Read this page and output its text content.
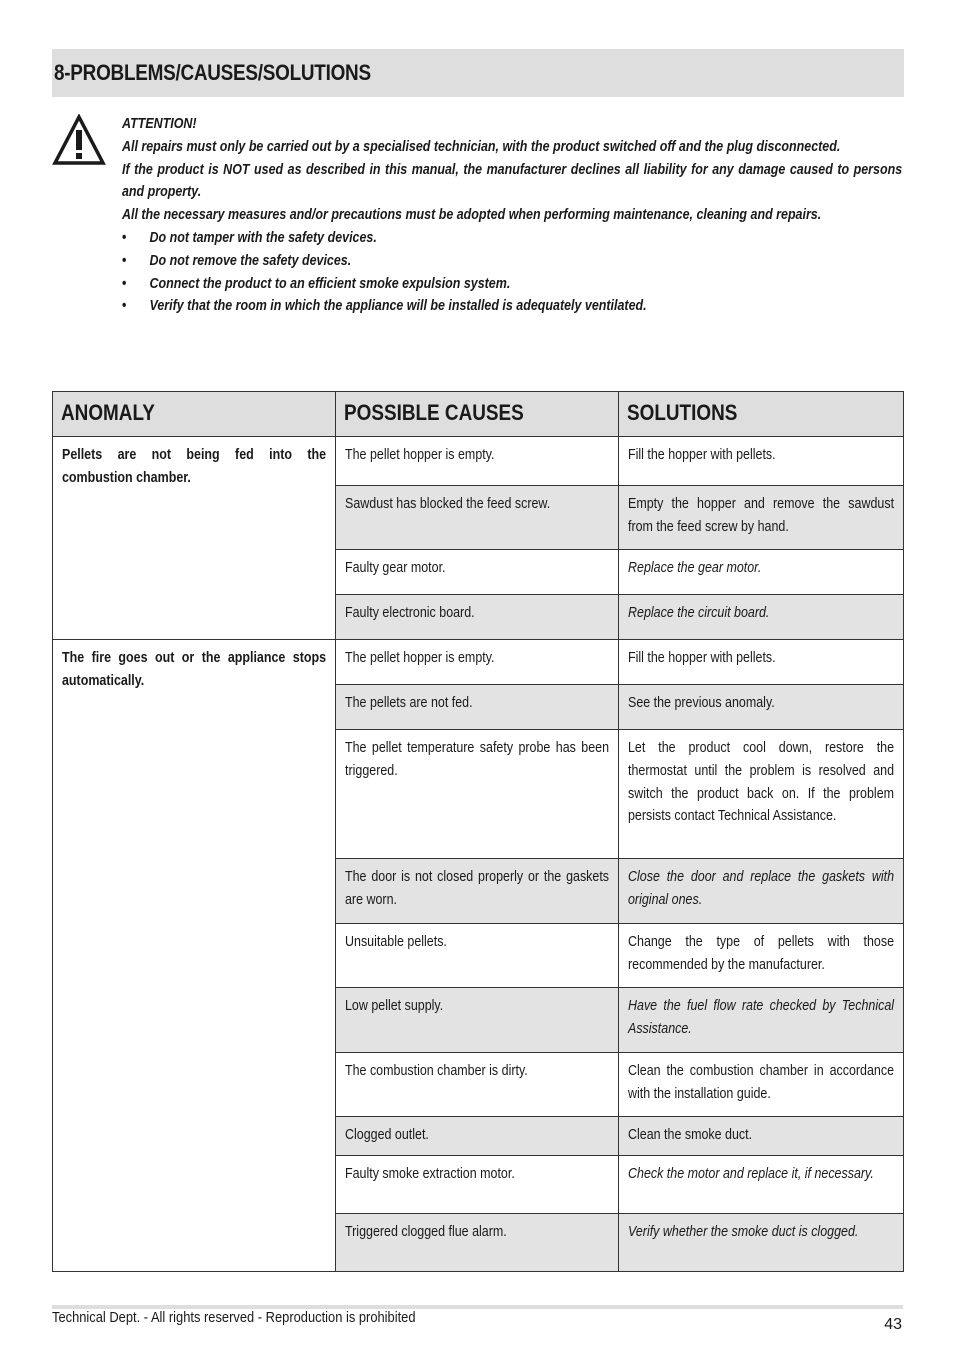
8-PROBLEMS/CAUSES/SOLUTIONS

ATTENTION!

All repairs must only be carried out by a specialised technician, with the product switched off and the plug disconnected.

If the product is NOT used as described in this manual, the manufacturer declines all liability for any damage caused to persons and property.

All the necessary measures and/or precautions must be adopted when performing maintenance, cleaning and repairs.

• Do not tamper with the safety devices.
• Do not remove the safety devices.
• Connect the product to an efficient smoke expulsion system.
• Verify that the room in which the appliance will be installed is adequately ventilated.
ANOMALY	POSSIBLE CAUSES	SOLUTIONS

Pellets are not being fed into the combustion chamber.	The pellet hopper is empty.	Fill the hopper with pellets.

	Sawdust has blocked the feed screw.	Empty the hopper and remove the sawdust from the feed screw by hand.

	Faulty gear motor.	Replace the gear motor.

	Faulty electronic board.	Replace the circuit board.

The fire goes out or the appliance stops automatically.	The pellet hopper is empty.	Fill the hopper with pellets.

	The pellets are not fed.	See the previous anomaly.

	The pellet temperature safety probe has been triggered.	Let the product cool down, restore the thermostat until the problem is resolved and switch the product back on. If the problem persists contact Technical Assistance.

	The door is not closed properly or the gaskets are worn.	Close the door and replace the gaskets with original ones.

	Unsuitable pellets.	Change the type of pellets with those recommended by the manufacturer.

	Low pellet supply.	Have the fuel flow rate checked by Technical Assistance.

	The combustion chamber is dirty.	Clean the combustion chamber in accordance with the installation guide.

	Clogged outlet.	Clean the smoke duct.

	Faulty smoke extraction motor.	Check the motor and replace it, if necessary.

	Triggered clogged flue alarm.	Verify whether the smoke duct is clogged.
Technical Dept. - All rights reserved - Reproduction is prohibited	43
